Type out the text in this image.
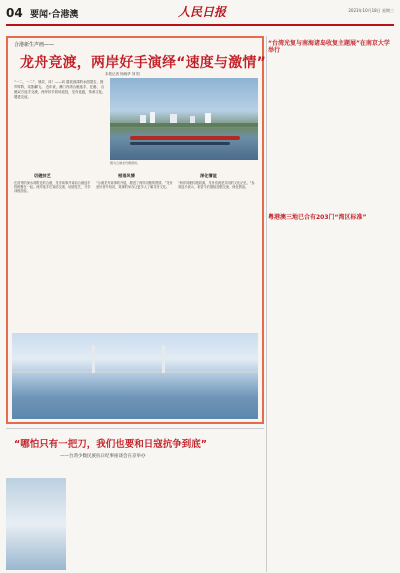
04 要闻·合港澳	人民日报	2023年10月18日 星期三
合港新生声画——
龙舟竞渡，两岸好手演绎“速度与激情”
本报记者 杨晓华 刘 阳
“一二，一二”，划桨，冲！——向 碧波荡漾的水面望去，鼓声阵阵，桨影翻飞。 近年来，澳门内湾合港选手、在港、 合港双方选手交流，两岸好手同场竞技，龙舟竞渡，传承文化，增进友谊。
图为合港龙舟赛现场。
切磋技艺	相语风情	深化情谊
在清秀的深水湾附近的合港，龙舟赛事开赛前合港选手将相聚在一起。两岸选手在赛前交流、切磋技艺，分享训练经验。
“合港龙舟赛事的开展，增进了两岸同胞的感情。”龙舟爱好者介绍说，赛事的举办让更多人了解龙舟文化。
“两岸同胞同根同源，龙舟竞渡是共同的文化记忆。”参赛选手表示，希望今后继续加强交流，深化情谊。
“台湾光复与南海诸岛收复主题展”在南京大学举行
粤港澳三地已合有203门“湾区标准”
“哪怕只有一把刀，我们也要和日寇抗争到底”
——台湾少数民族抗日纪事座谈会在京举办
